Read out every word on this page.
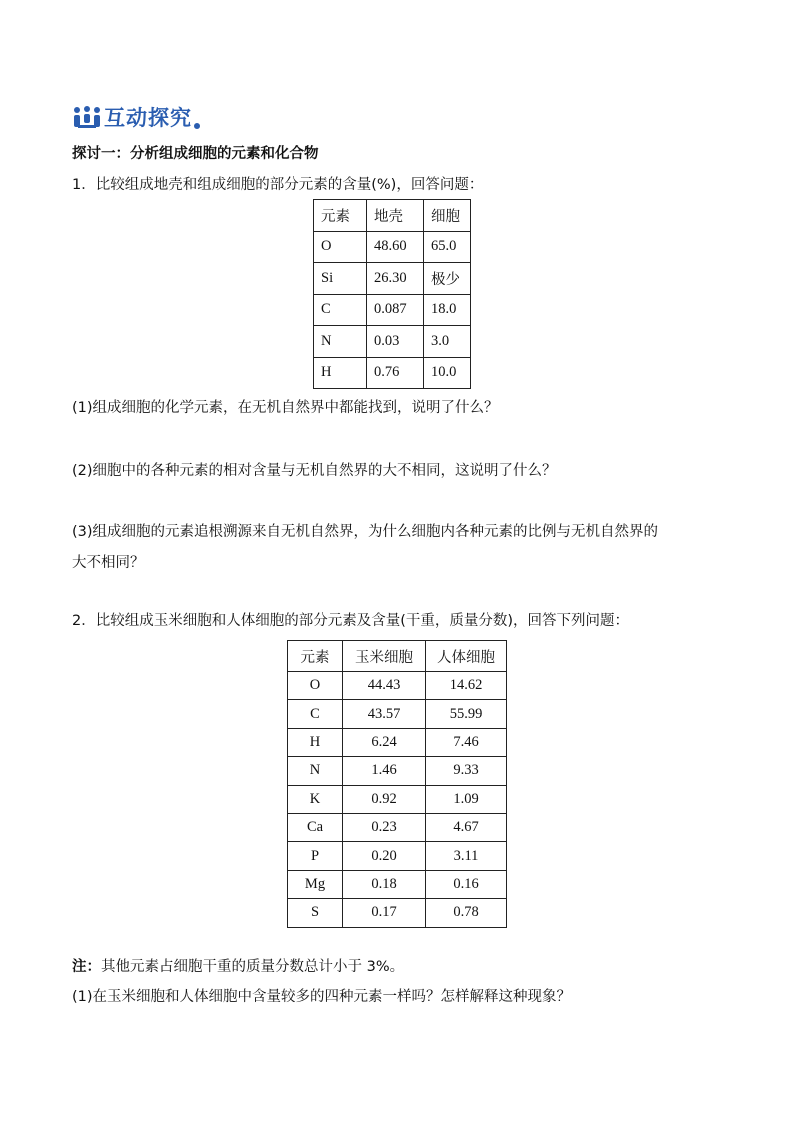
互动探究
探讨一：分析组成细胞的元素和化合物
1．比较组成地壳和组成细胞的部分元素的含量(%)，回答问题：
元素	地壳	细胞
O	48.60	65.0
Si	26.30	极少
C	0.087	18.0
N	0.03	3.0
H	0.76	10.0
(1)组成细胞的化学元素，在无机自然界中都能找到，说明了什么？
(2)细胞中的各种元素的相对含量与无机自然界的大不相同，这说明了什么？
(3)组成细胞的元素追根溯源来自无机自然界，为什么细胞内各种元素的比例与无机自然界的
大不相同？
2．比较组成玉米细胞和人体细胞的部分元素及含量(干重，质量分数)，回答下列问题：
元素	玉米细胞	人体细胞
O	44.43	14.62
C	43.57	55.99
H	6.24	7.46
N	1.46	9.33
K	0.92	1.09
Ca	0.23	4.67
P	0.20	3.11
Mg	0.18	0.16
S	0.17	0.78
注：其他元素占细胞干重的质量分数总计小于 3%。
(1)在玉米细胞和人体细胞中含量较多的四种元素一样吗？怎样解释这种现象？
